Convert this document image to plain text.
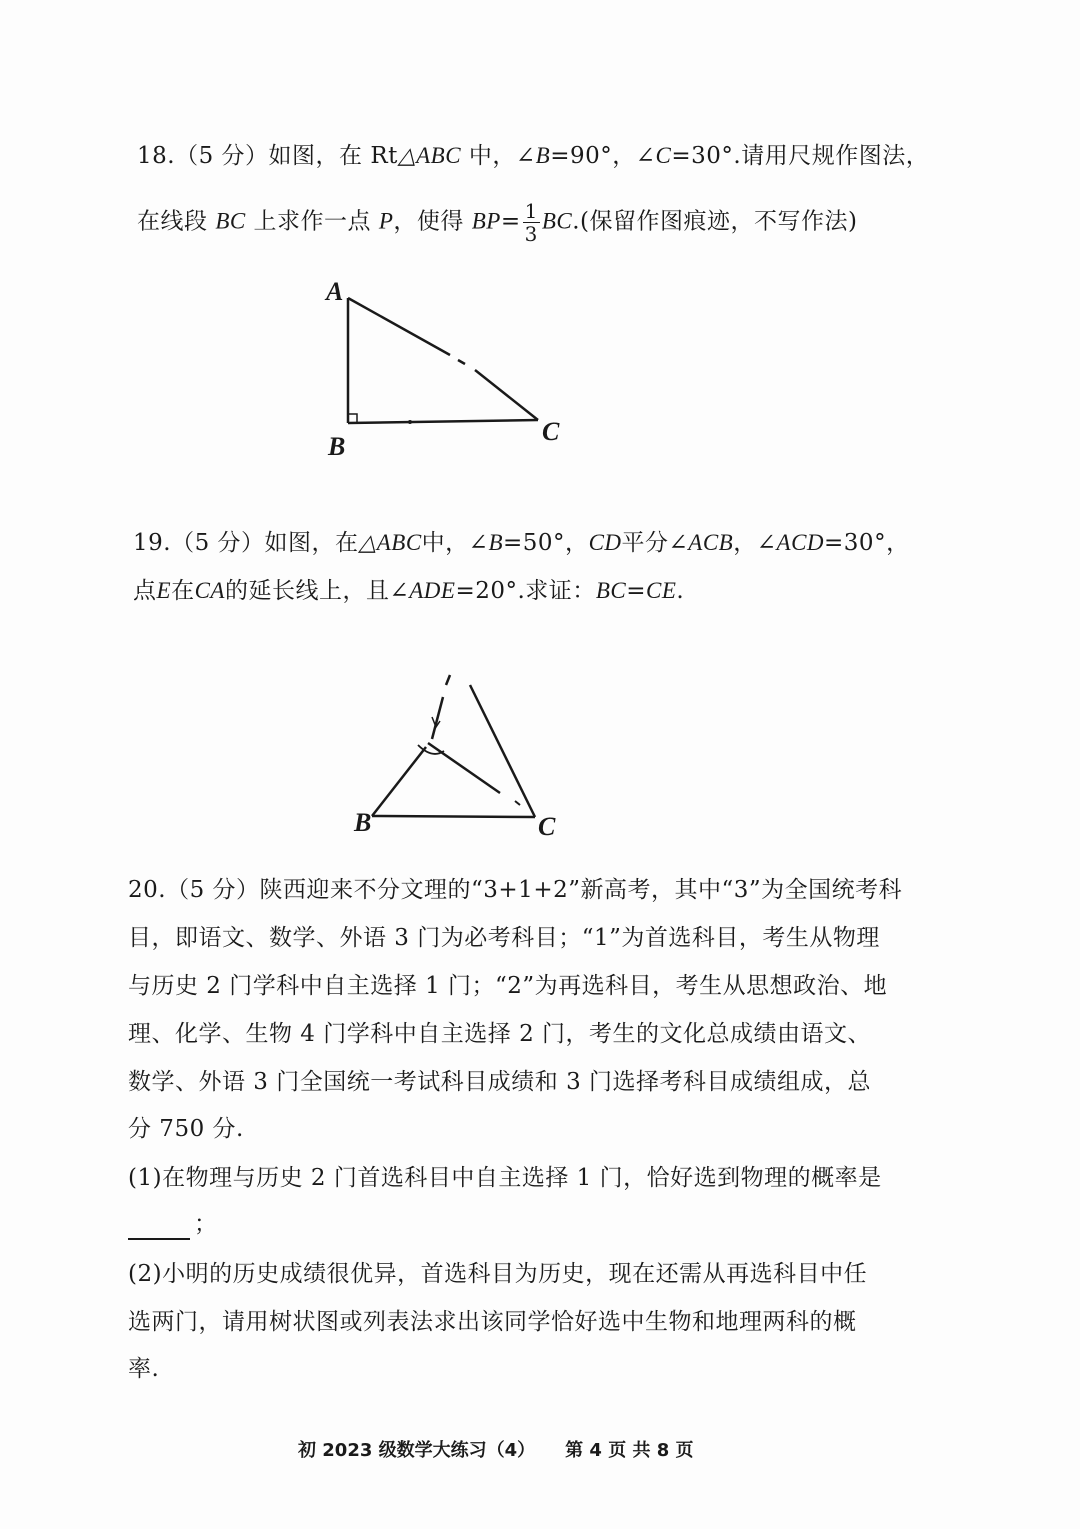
18.（5 分）如图，在 Rt△ABC 中，∠B=90°，∠C=30°.请用尺规作图法，
在线段 BC 上求作一点 P，使得 $BP= \frac{1}{3} BC$.(保留作图痕迹，不写作法)
A
B
C
19.（5 分）如图，在△ABC中，∠B=50°，CD平分∠ACB，∠ACD=30°，
点E在CA的延长线上，且∠ADE=20°.求证：BC=CE.
B	C
20.（5 分）陕西迎来不分文理的“3+1+2”新高考，其中“3”为全国统考科
目，即语文、数学、外语 3 门为必考科目；“1”为首选科目，考生从物理
与历史 2 门学科中自主选择 1 门；“2”为再选科目，考生从思想政治、地
理、化学、生物 4 门学科中自主选择 2 门，考生的文化总成绩由语文、
数学、外语 3 门全国统一考试科目成绩和 3 门选择考科目成绩组成，总
分 750 分.
(1)在物理与历史 2 门首选科目中自主选择 1 门，恰好选到物理的概率是
；
(2)小明的历史成绩很优异，首选科目为历史，现在还需从再选科目中任
选两门，请用树状图或列表法求出该同学恰好选中生物和地理两科的概
率.
初 2023 级数学大练习（4） 第 4 页 共 8 页
